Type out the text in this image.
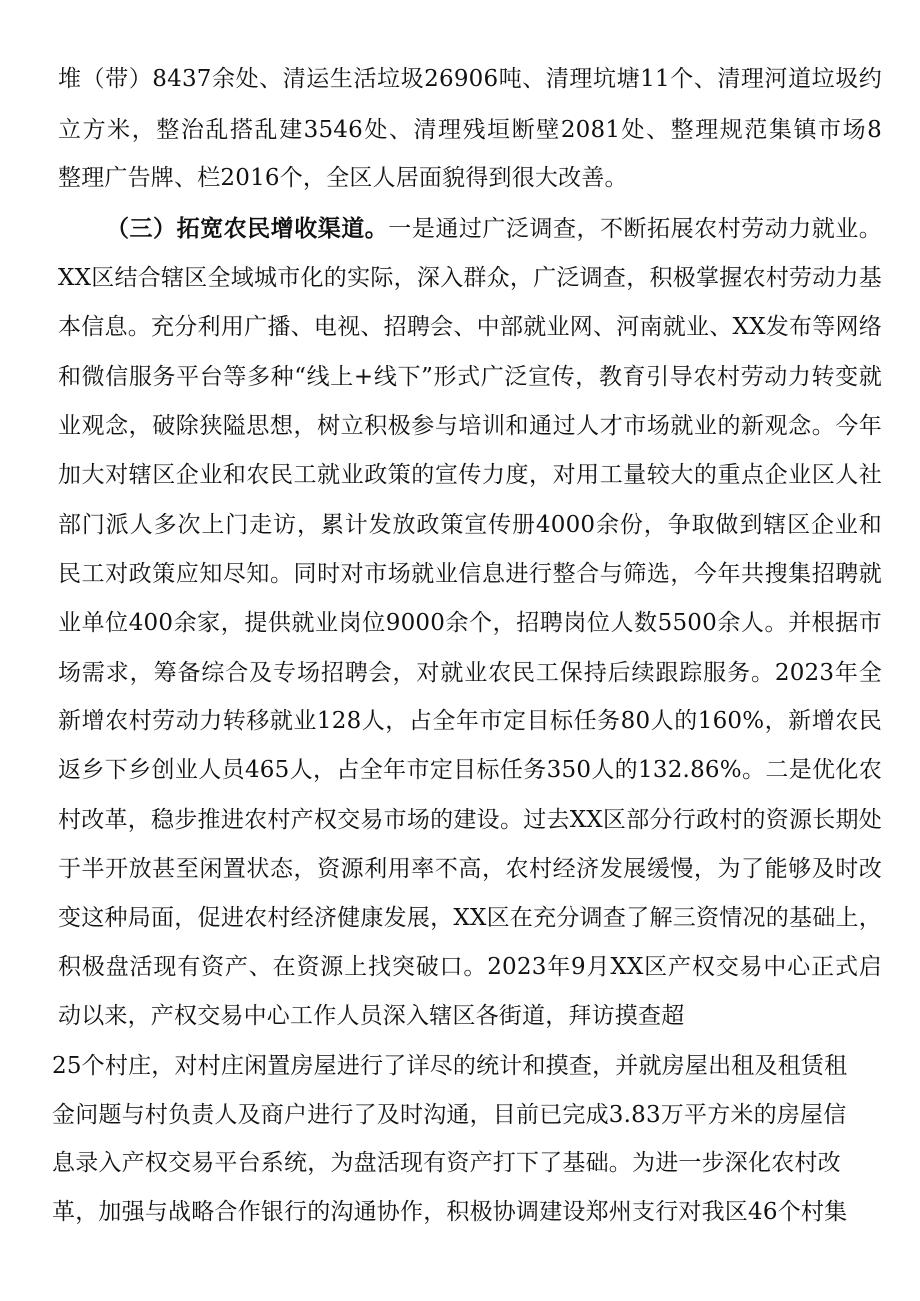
堆（带）8437余处、清运生活垃圾26906吨、清理坑塘11个、清理河道垃圾约
立方米，整治乱搭乱建3546处、清理残垣断壁2081处、整理规范集镇市场8
整理广告牌、栏2016个，全区人居面貌得到很大改善。
（三）拓宽农民增收渠道。一是通过广泛调查，不断拓展农村劳动力就业。
XX区结合辖区全域城市化的实际，深入群众，广泛调查，积极掌握农村劳动力基
本信息。充分利用广播、电视、招聘会、中部就业网、河南就业、XX发布等网络
和微信服务平台等多种“线上+线下”形式广泛宣传，教育引导农村劳动力转变就
业观念，破除狭隘思想，树立积极参与培训和通过人才市场就业的新观念。今年
加大对辖区企业和农民工就业政策的宣传力度，对用工量较大的重点企业区人社
部门派人多次上门走访，累计发放政策宣传册4000余份，争取做到辖区企业和
民工对政策应知尽知。同时对市场就业信息进行整合与筛选，今年共搜集招聘就
业单位400余家，提供就业岗位9000余个，招聘岗位人数5500余人。并根据市
场需求，筹备综合及专场招聘会，对就业农民工保持后续跟踪服务。2023年全
新增农村劳动力转移就业128人，占全年市定目标任务80人的160%，新增农民
返乡下乡创业人员465人，占全年市定目标任务350人的132.86%。二是优化农
村改革，稳步推进农村产权交易市场的建设。过去XX区部分行政村的资源长期处
于半开放甚至闲置状态，资源利用率不高，农村经济发展缓慢，为了能够及时改
变这种局面，促进农村经济健康发展，XX区在充分调查了解三资情况的基础上，
积极盘活现有资产、在资源上找突破口。2023年9月XX区产权交易中心正式启
动以来，产权交易中心工作人员深入辖区各街道，拜访摸查超
25个村庄，对村庄闲置房屋进行了详尽的统计和摸查，并就房屋出租及租赁租
金问题与村负责人及商户进行了及时沟通，目前已完成3.83万平方米的房屋信
息录入产权交易平台系统，为盘活现有资产打下了基础。为进一步深化农村改
革，加强与战略合作银行的沟通协作，积极协调建设郑州支行对我区46个村集
